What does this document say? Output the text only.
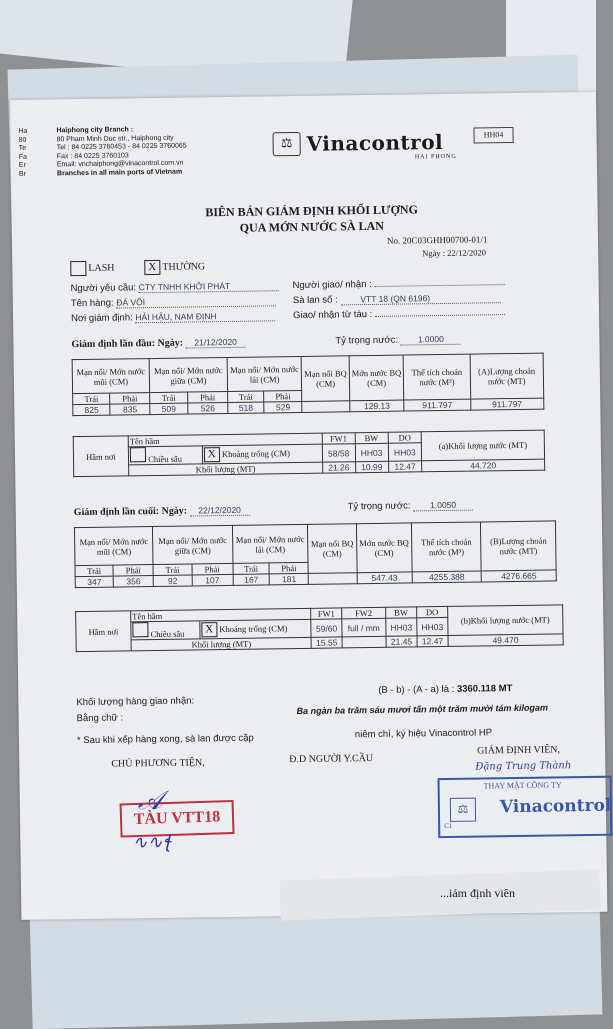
Ha	Haiphong city Branch :
80	80 Pham Minh Duc str., Haiphong city
Te	Tel : 84 0225 3760453 - 84 0225 3760065
Fa	Fax : 84 0225 3760103
Er	Email: vnchaiphong@vinacontrol.com.vn
Br	Branches in all main ports of Vietnam
⚖ Vinacontrol
HAI PHONG
HH04
BIÊN BẢN GIÁM ĐỊNH KHỐI LƯỢNG
QUA MỚN NƯỚC SÀ LAN
No. 20C03GHH00700-01/1
Ngày : 22/12/2020
LASH	X THƯỜNG
Người yêu cầu: CTY TNHH KHỞI PHÁT	Người giao/ nhận :
Tên hàng: ĐÁ VÔI	Sà lan số :	VTT 18 (QN 6196)
Nơi giám định: HẢI HẬU, NAM ĐỊNH	Giao/ nhận từ tàu :
Giám định lần đầu: Ngày: 21/12/2020	Tỷ trọng nước: 1.0000
Mạn nổi/ Mớn nước mũi (CM)		Mạn nổi/ Mớn nước giữa (CM)		Mạn nổi/ Mớn nước lái (CM)		Mạn nổi BQ (CM)	Mớn nước BQ (CM)	Thể tích choán nước (M³)	(A)Lượng choán nước (MT)
Trái	Phải	Trái	Phải	Trái	Phải				
825	835	509	526	518	529		129.13	911.797	911.797
Hầm nơi	Tên hầm		FW1	BW	DO	(a)Khối lượng nước (MT)
	Chiều sâu	X Khoảng trống (CM)	58/58	HH03	HH03	
	Khối lượng (MT)		21.26	10.99	12.47	44.720
Giám định lần cuối: Ngày: 22/12/2020	Tỷ trọng nước: 1.0050
Mạn nổi/ Mớn nước mũi (CM)		Mạn nổi/ Mớn nước giữa (CM)		Mạn nổi/ Mớn nước lái (CM)		Mạn nổi BQ (CM)	Mớn nước BQ (CM)	Thể tích choán nước (M³)	(B)Lượng choán nước (MT)
Trái	Phải	Trái	Phải	Trái	Phải				
347	356	92	107	167	181		547.43	4255.388	4276.665
Hầm nơi	Tên hầm		FW1	FW2	BW	DO	(b)Khối lượng nước (MT)
	Chiều sâu	X Khoảng trống (CM)	59/60	full / mm	HH03	HH03	
	Khối lượng (MT)		15.55		21.45	12.47	49.470
Khối lượng hàng giao nhận:
(B - b) - (A - a) là : 3360.118 MT
Bằng chữ :
Ba ngàn ba trăm sáu mươi tấn một trăm mười tám kilogam
* Sau khi xếp hàng xong, sà lan được cặp	niêm chì, ký hiệu Vinacontrol HP
CHỦ PHƯƠNG TIỆN,	Đ.D NGƯỜI Y.CẦU
GIÁM ĐỊNH VIÊN,
Đặng Trung Thành
TÀU VTT18
𝒜
∿∿ꞎ
THAY MẶT CÔNG TY
⚖	Vinacontrol
C1
...iám định viên
